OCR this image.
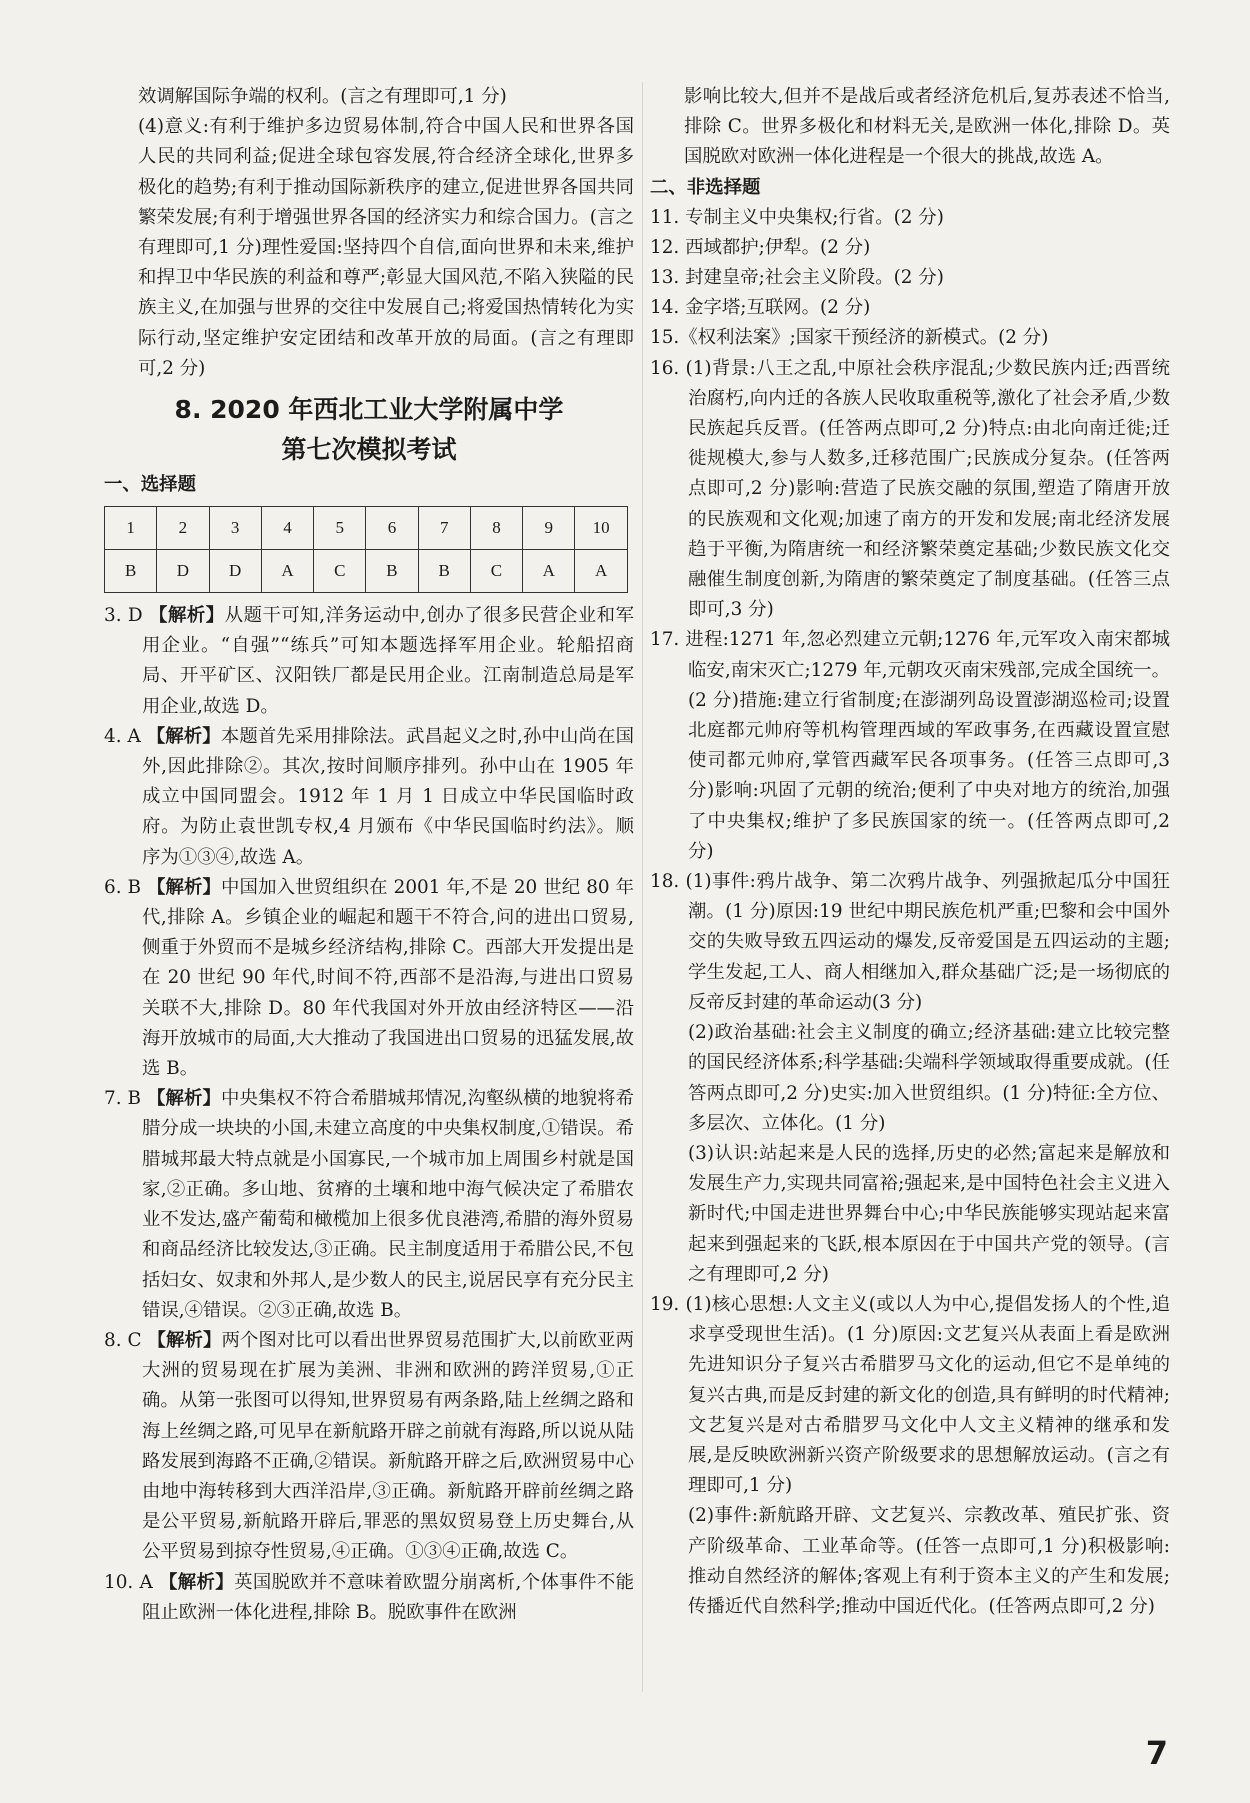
效调解国际争端的权利。(言之有理即可,1 分)

(4)意义:有利于维护多边贸易体制,符合中国人民和世界各国人民的共同利益;促进全球包容发展,符合经济全球化,世界多极化的趋势;有利于推动国际新秩序的建立,促进世界各国共同繁荣发展;有利于增强世界各国的经济实力和综合国力。(言之有理即可,1 分)理性爱国:坚持四个自信,面向世界和未来,维护和捍卫中华民族的利益和尊严;彰显大国风范,不陷入狭隘的民族主义,在加强与世界的交往中发展自己;将爱国热情转化为实际行动,坚定维护安定团结和改革开放的局面。(言之有理即可,2 分)

8. 2020 年西北工业大学附属中学
第七次模拟考试
一、选择题
1	2	3	4	5	6	7	8	9	10
B	D	D	A	C	B	B	C	A	A

3. D 【解析】从题干可知,洋务运动中,创办了很多民营企业和军用企业。“自强”“练兵”可知本题选择军用企业。轮船招商局、开平矿区、汉阳铁厂都是民用企业。江南制造总局是军用企业,故选 D。

4. A 【解析】本题首先采用排除法。武昌起义之时,孙中山尚在国外,因此排除②。其次,按时间顺序排列。孙中山在 1905 年成立中国同盟会。1912 年 1 月 1 日成立中华民国临时政府。为防止袁世凯专权,4 月颁布《中华民国临时约法》。顺序为①③④,故选 A。

6. B 【解析】中国加入世贸组织在 2001 年,不是 20 世纪 80 年代,排除 A。乡镇企业的崛起和题干不符合,问的进出口贸易,侧重于外贸而不是城乡经济结构,排除 C。西部大开发提出是在 20 世纪 90 年代,时间不符,西部不是沿海,与进出口贸易关联不大,排除 D。80 年代我国对外开放由经济特区——沿海开放城市的局面,大大推动了我国进出口贸易的迅猛发展,故选 B。

7. B 【解析】中央集权不符合希腊城邦情况,沟壑纵横的地貌将希腊分成一块块的小国,未建立高度的中央集权制度,①错误。希腊城邦最大特点就是小国寡民,一个城市加上周围乡村就是国家,②正确。多山地、贫瘠的土壤和地中海气候决定了希腊农业不发达,盛产葡萄和橄榄加上很多优良港湾,希腊的海外贸易和商品经济比较发达,③正确。民主制度适用于希腊公民,不包括妇女、奴隶和外邦人,是少数人的民主,说居民享有充分民主错误,④错误。②③正确,故选 B。

8. C 【解析】两个图对比可以看出世界贸易范围扩大,以前欧亚两大洲的贸易现在扩展为美洲、非洲和欧洲的跨洋贸易,①正确。从第一张图可以得知,世界贸易有两条路,陆上丝绸之路和海上丝绸之路,可见早在新航路开辟之前就有海路,所以说从陆路发展到海路不正确,②错误。新航路开辟之后,欧洲贸易中心由地中海转移到大西洋沿岸,③正确。新航路开辟前丝绸之路是公平贸易,新航路开辟后,罪恶的黑奴贸易登上历史舞台,从公平贸易到掠夺性贸易,④正确。①③④正确,故选 C。

10. A 【解析】英国脱欧并不意味着欧盟分崩离析,个体事件不能阻止欧洲一体化进程,排除 B。脱欧事件在欧洲

影响比较大,但并不是战后或者经济危机后,复苏表述不恰当,排除 C。世界多极化和材料无关,是欧洲一体化,排除 D。英国脱欧对欧洲一体化进程是一个很大的挑战,故选 A。

二、非选择题

11. 专制主义中央集权;行省。(2 分)

12. 西域都护;伊犁。(2 分)

13. 封建皇帝;社会主义阶段。(2 分)

14. 金字塔;互联网。(2 分)

15.《权利法案》;国家干预经济的新模式。(2 分)

16. (1)背景:八王之乱,中原社会秩序混乱;少数民族内迁;西晋统治腐朽,向内迁的各族人民收取重税等,激化了社会矛盾,少数民族起兵反晋。(任答两点即可,2 分)特点:由北向南迁徙;迁徙规模大,参与人数多,迁移范围广;民族成分复杂。(任答两点即可,2 分)影响:营造了民族交融的氛围,塑造了隋唐开放的民族观和文化观;加速了南方的开发和发展;南北经济发展趋于平衡,为隋唐统一和经济繁荣奠定基础;少数民族文化交融催生制度创新,为隋唐的繁荣奠定了制度基础。(任答三点即可,3 分)

17. 进程:1271 年,忽必烈建立元朝;1276 年,元军攻入南宋都城临安,南宋灭亡;1279 年,元朝攻灭南宋残部,完成全国统一。(2 分)措施:建立行省制度;在澎湖列岛设置澎湖巡检司;设置北庭都元帅府等机构管理西域的军政事务,在西藏设置宣慰使司都元帅府,掌管西藏军民各项事务。(任答三点即可,3 分)影响:巩固了元朝的统治;便利了中央对地方的统治,加强了中央集权;维护了多民族国家的统一。(任答两点即可,2 分)

18. (1)事件:鸦片战争、第二次鸦片战争、列强掀起瓜分中国狂潮。(1 分)原因:19 世纪中期民族危机严重;巴黎和会中国外交的失败导致五四运动的爆发,反帝爱国是五四运动的主题;学生发起,工人、商人相继加入,群众基础广泛;是一场彻底的反帝反封建的革命运动(3 分)

(2)政治基础:社会主义制度的确立;经济基础:建立比较完整的国民经济体系;科学基础:尖端科学领域取得重要成就。(任答两点即可,2 分)史实:加入世贸组织。(1 分)特征:全方位、多层次、立体化。(1 分)

(3)认识:站起来是人民的选择,历史的必然;富起来是解放和发展生产力,实现共同富裕;强起来,是中国特色社会主义进入新时代;中国走进世界舞台中心;中华民族能够实现站起来富起来到强起来的飞跃,根本原因在于中国共产党的领导。(言之有理即可,2 分)

19. (1)核心思想:人文主义(或以人为中心,提倡发扬人的个性,追求享受现世生活)。(1 分)原因:文艺复兴从表面上看是欧洲先进知识分子复兴古希腊罗马文化的运动,但它不是单纯的复兴古典,而是反封建的新文化的创造,具有鲜明的时代精神;文艺复兴是对古希腊罗马文化中人文主义精神的继承和发展,是反映欧洲新兴资产阶级要求的思想解放运动。(言之有理即可,1 分)

(2)事件:新航路开辟、文艺复兴、宗教改革、殖民扩张、资产阶级革命、工业革命等。(任答一点即可,1 分)积极影响:推动自然经济的解体;客观上有利于资本主义的产生和发展;传播近代自然科学;推动中国近代化。(任答两点即可,2 分)

7
